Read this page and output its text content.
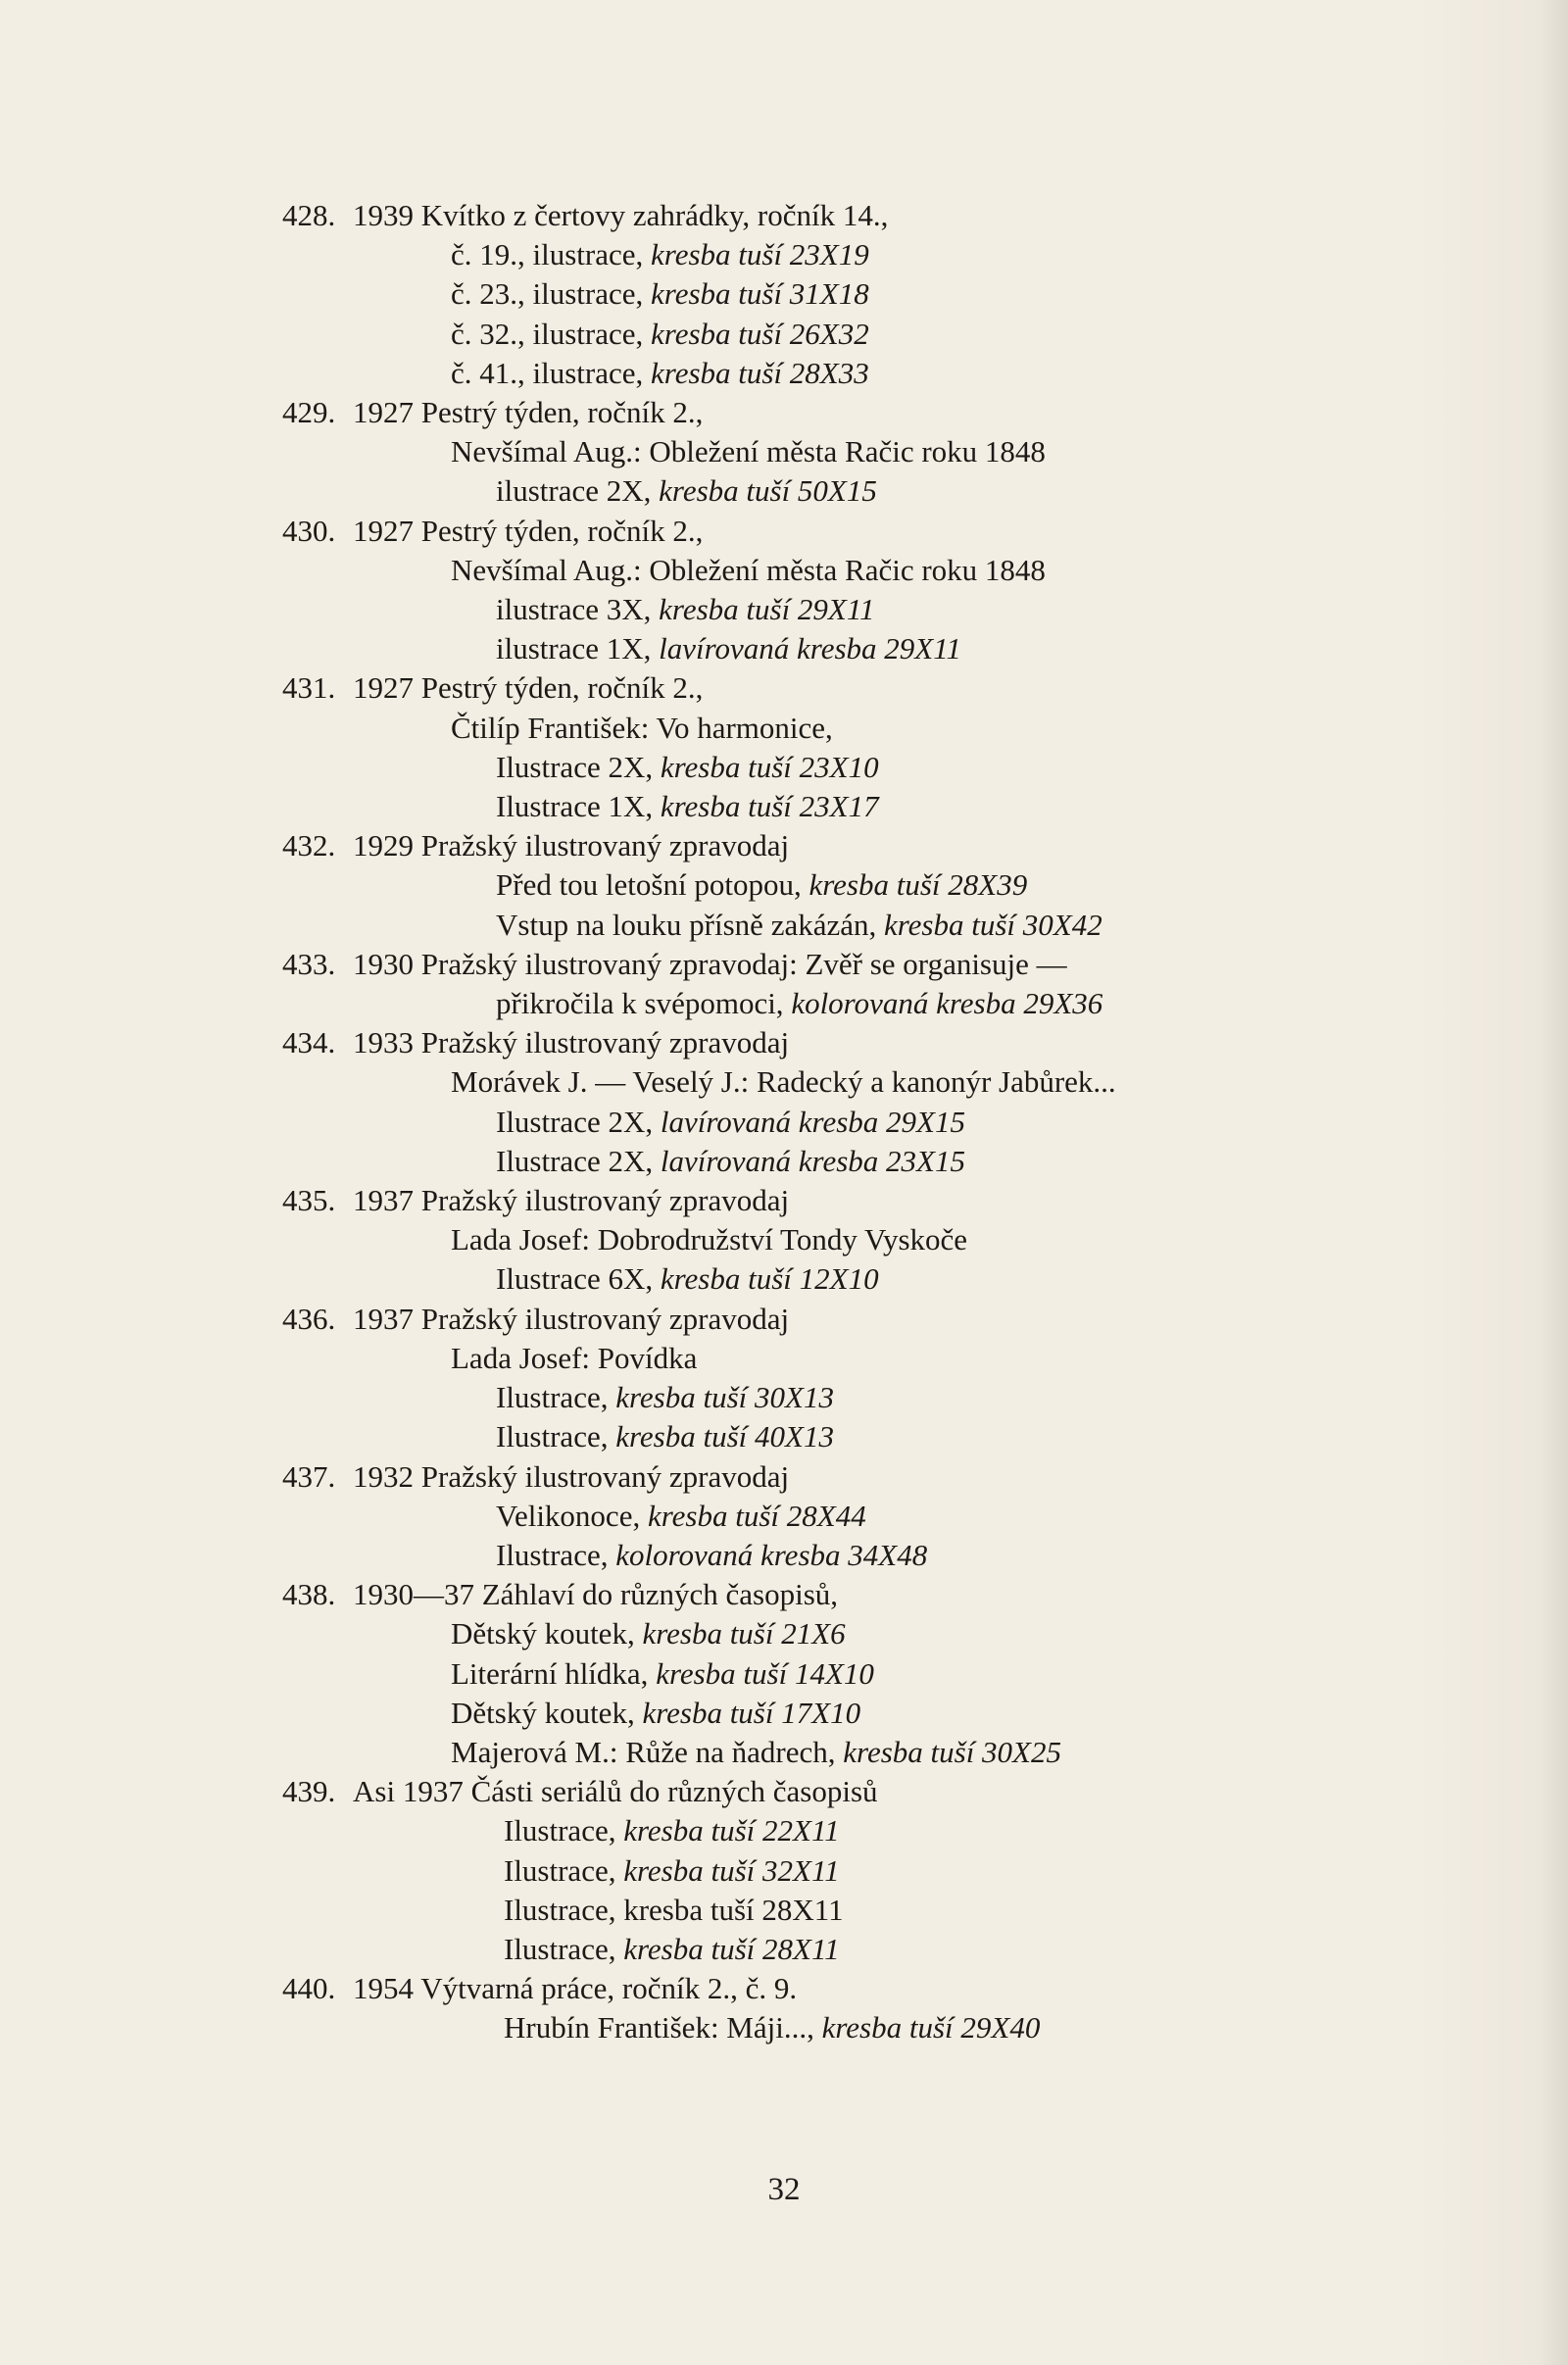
428. 1939 Kvítko z čertovy zahrádky, ročník 14.,
č. 19., ilustrace, kresba tuší 23X19
č. 23., ilustrace, kresba tuší 31X18
č. 32., ilustrace, kresba tuší 26X32
č. 41., ilustrace, kresba tuší 28X33
429. 1927 Pestrý týden, ročník 2.,
Nevšímal Aug.: Obležení města Račic roku 1848
ilustrace 2X, kresba tuší 50X15
430. 1927 Pestrý týden, ročník 2.,
Nevšímal Aug.: Obležení města Račic roku 1848
ilustrace 3X, kresba tuší 29X11
ilustrace 1X, lavírovaná kresba 29X11
431. 1927 Pestrý týden, ročník 2.,
Čtilíp František: Vo harmonice,
Ilustrace 2X, kresba tuší 23X10
Ilustrace 1X, kresba tuší 23X17
432. 1929 Pražský ilustrovaný zpravodaj
Před tou letošní potopou, kresba tuší 28X39
Vstup na louku přísně zakázán, kresba tuší 30X42
433. 1930 Pražský ilustrovaný zpravodaj: Zvěř se organisuje —
přikročila k svépomoci, kolorovaná kresba 29X36
434. 1933 Pražský ilustrovaný zpravodaj
Morávek J. — Veselý J.: Radecký a kanonýr Jabůrek...
Ilustrace 2X, lavírovaná kresba 29X15
Ilustrace 2X, lavírovaná kresba 23X15
435. 1937 Pražský ilustrovaný zpravodaj
Lada Josef: Dobrodružství Tondy Vyskoče
Ilustrace 6X, kresba tuší 12X10
436. 1937 Pražský ilustrovaný zpravodaj
Lada Josef: Povídka
Ilustrace, kresba tuší 30X13
Ilustrace, kresba tuší 40X13
437. 1932 Pražský ilustrovaný zpravodaj
Velikonoce, kresba tuší 28X44
Ilustrace, kolorovaná kresba 34X48
438. 1930—37 Záhlaví do různých časopisů,
Dětský koutek, kresba tuší 21X6
Literární hlídka, kresba tuší 14X10
Dětský koutek, kresba tuší 17X10
Majerová M.: Růže na ňadrech, kresba tuší 30X25
439. Asi 1937 Části seriálů do různých časopisů
Ilustrace, kresba tuší 22X11
Ilustrace, kresba tuší 32X11
Ilustrace, kresba tuší 28X11
Ilustrace, kresba tuší 28X11
440. 1954 Výtvarná práce, ročník 2., č. 9.
Hrubín František: Máji..., kresba tuší 29X40
32
